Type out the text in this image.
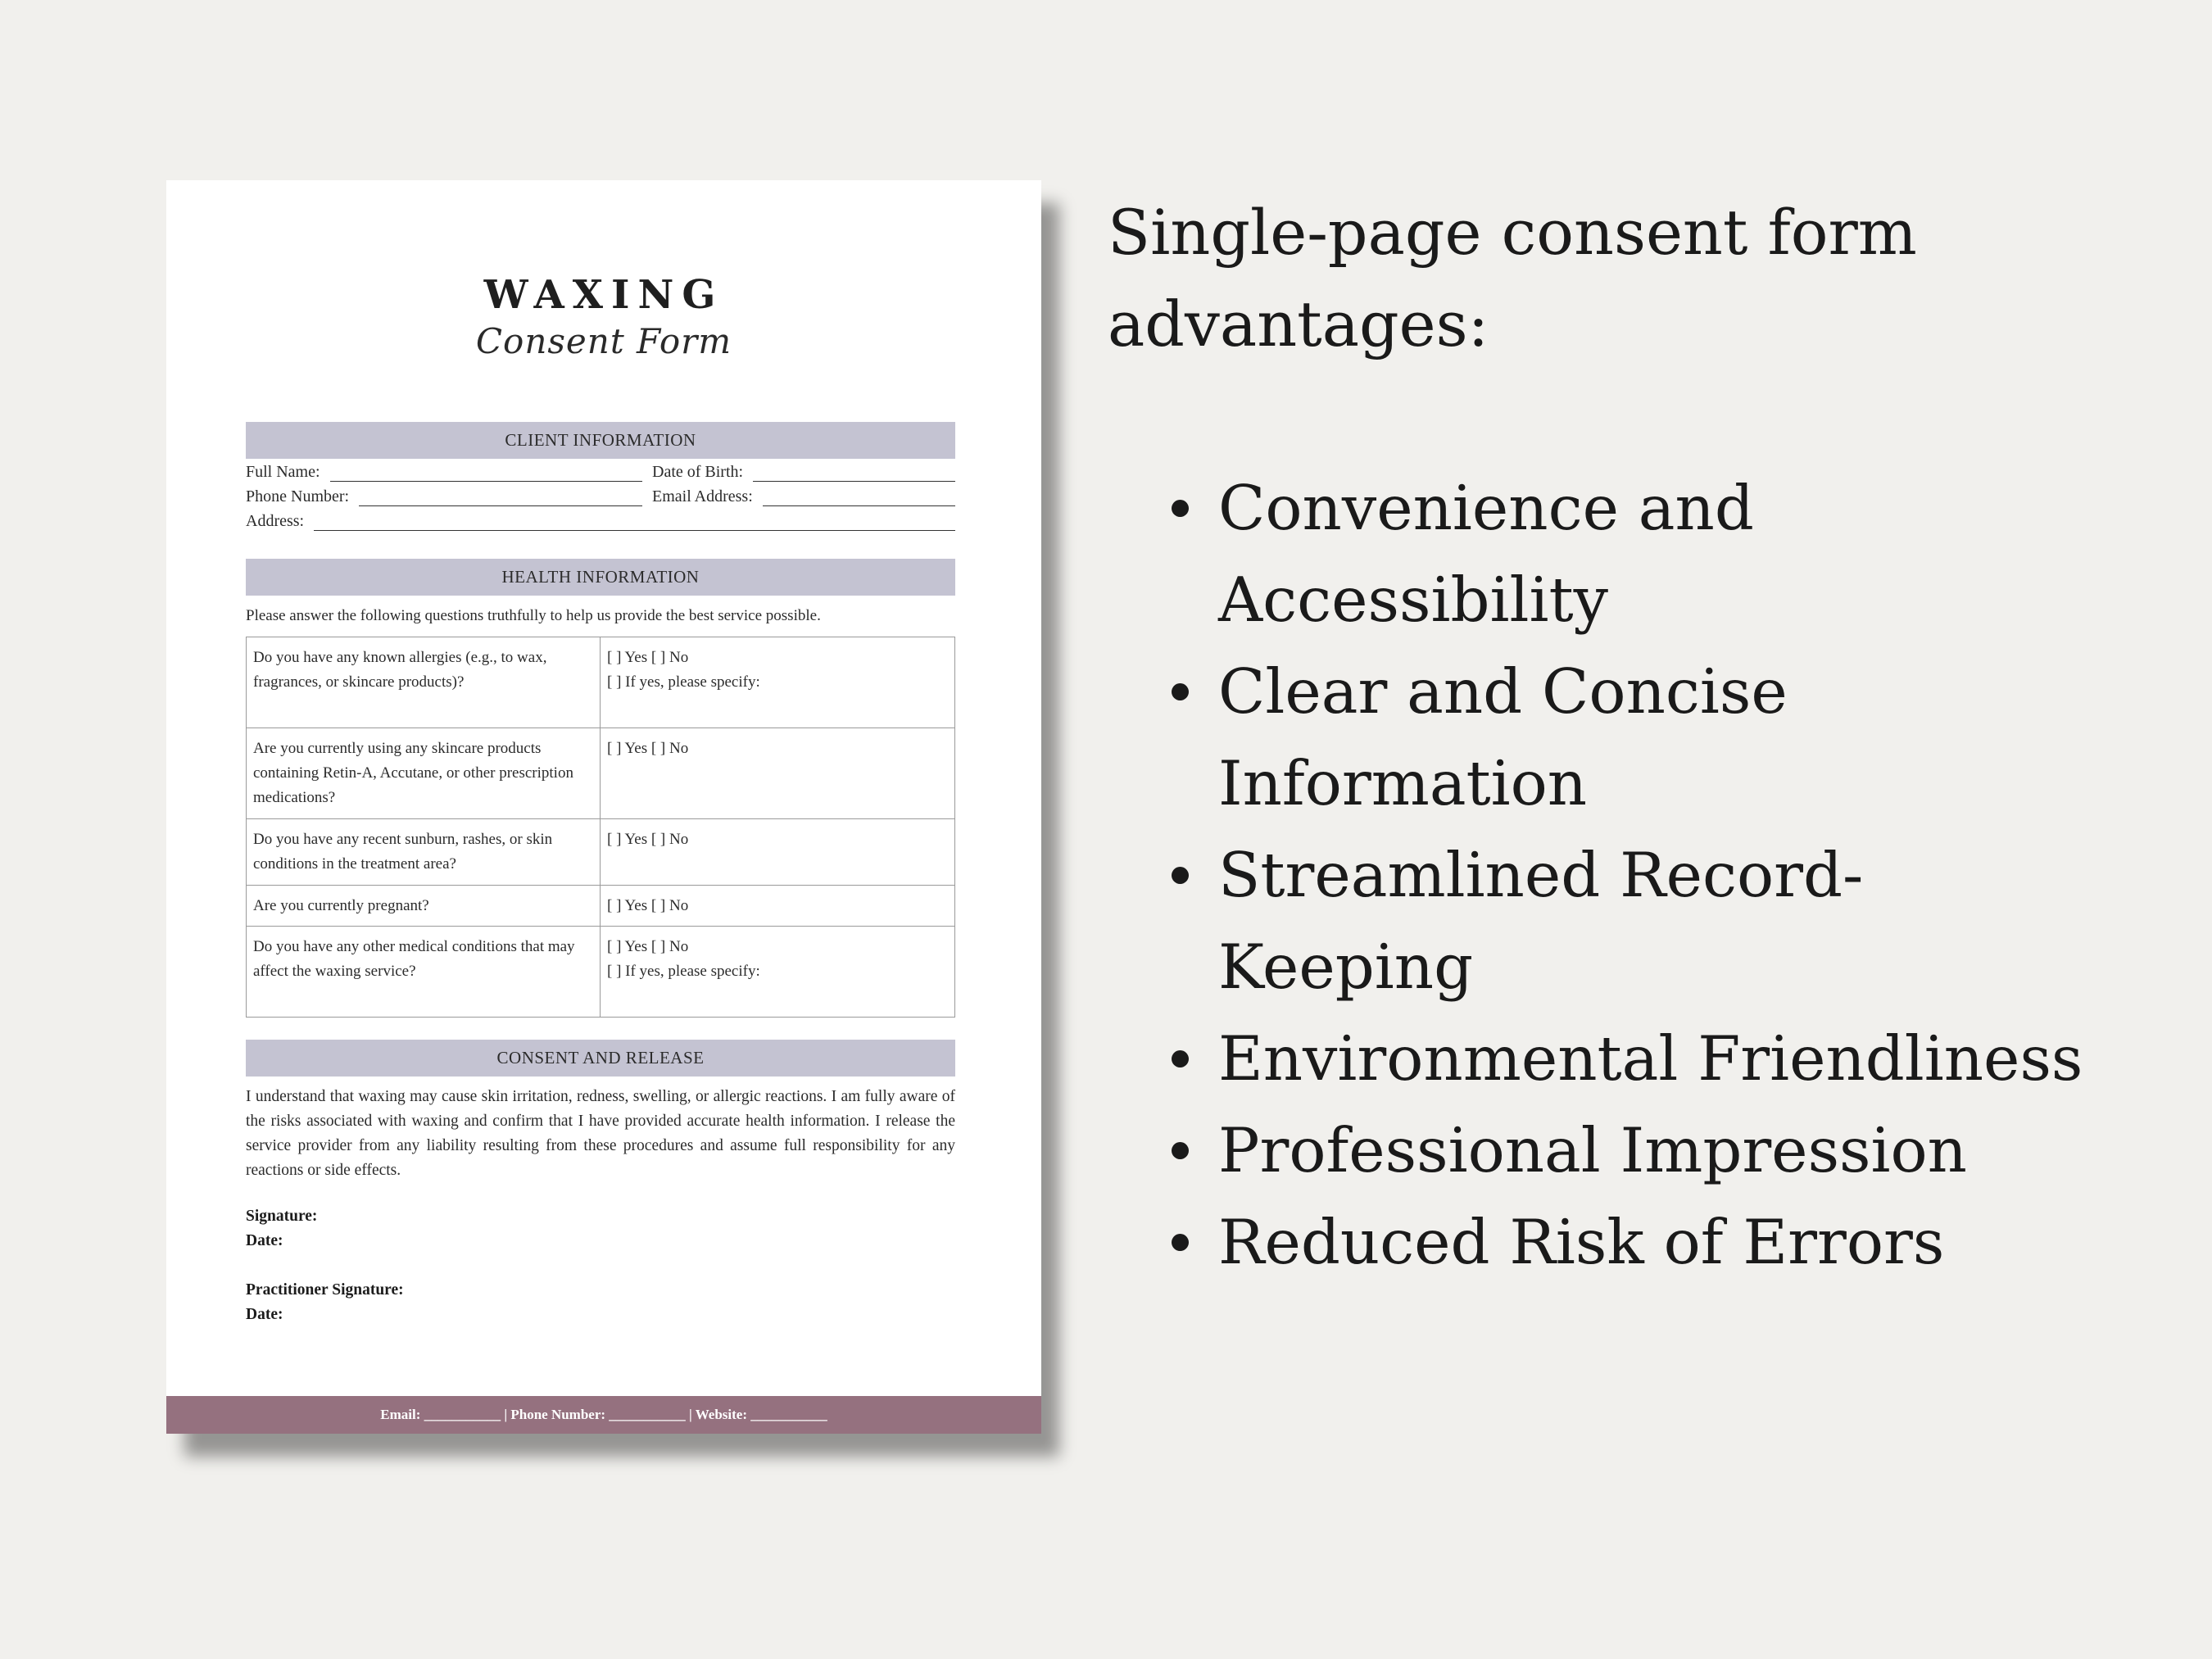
WAXING
Consent Form
CLIENT INFORMATION
Full Name:	Date of Birth:
Phone Number:	Email Address:
Address:
HEALTH INFORMATION
Please answer the following questions truthfully to help us provide the best service possible.
Do you have any known allergies (e.g., to wax, fragrances, or skincare products)?	[ ] Yes [ ] No
[ ] If yes, please specify:

Are you currently using any skincare products containing Retin-A, Accutane, or other prescription medications?	[ ] Yes [ ] No

Do you have any recent sunburn, rashes, or skin conditions in the treatment area?	[ ] Yes [ ] No

Are you currently pregnant?	[ ] Yes [ ] No

Do you have any other medical conditions that may affect the waxing service?	[ ] Yes [ ] No
[ ] If yes, please specify:
CONSENT AND RELEASE
I understand that waxing may cause skin irritation, redness, swelling, or allergic reactions. I am fully aware of the risks associated with waxing and confirm that I have provided accurate health information. I release the service provider from any liability resulting from these procedures and assume full responsibility for any reactions or side effects.
Signature:
Date:
Practitioner Signature:
Date:
Email: ___________ | Phone Number: ___________ | Website: ___________
Single-page consent form
advantages:
Convenience and
Accessibility
Clear and Concise
Information
Streamlined Record-
Keeping
Environmental Friendliness
Professional Impression
Reduced Risk of Errors
